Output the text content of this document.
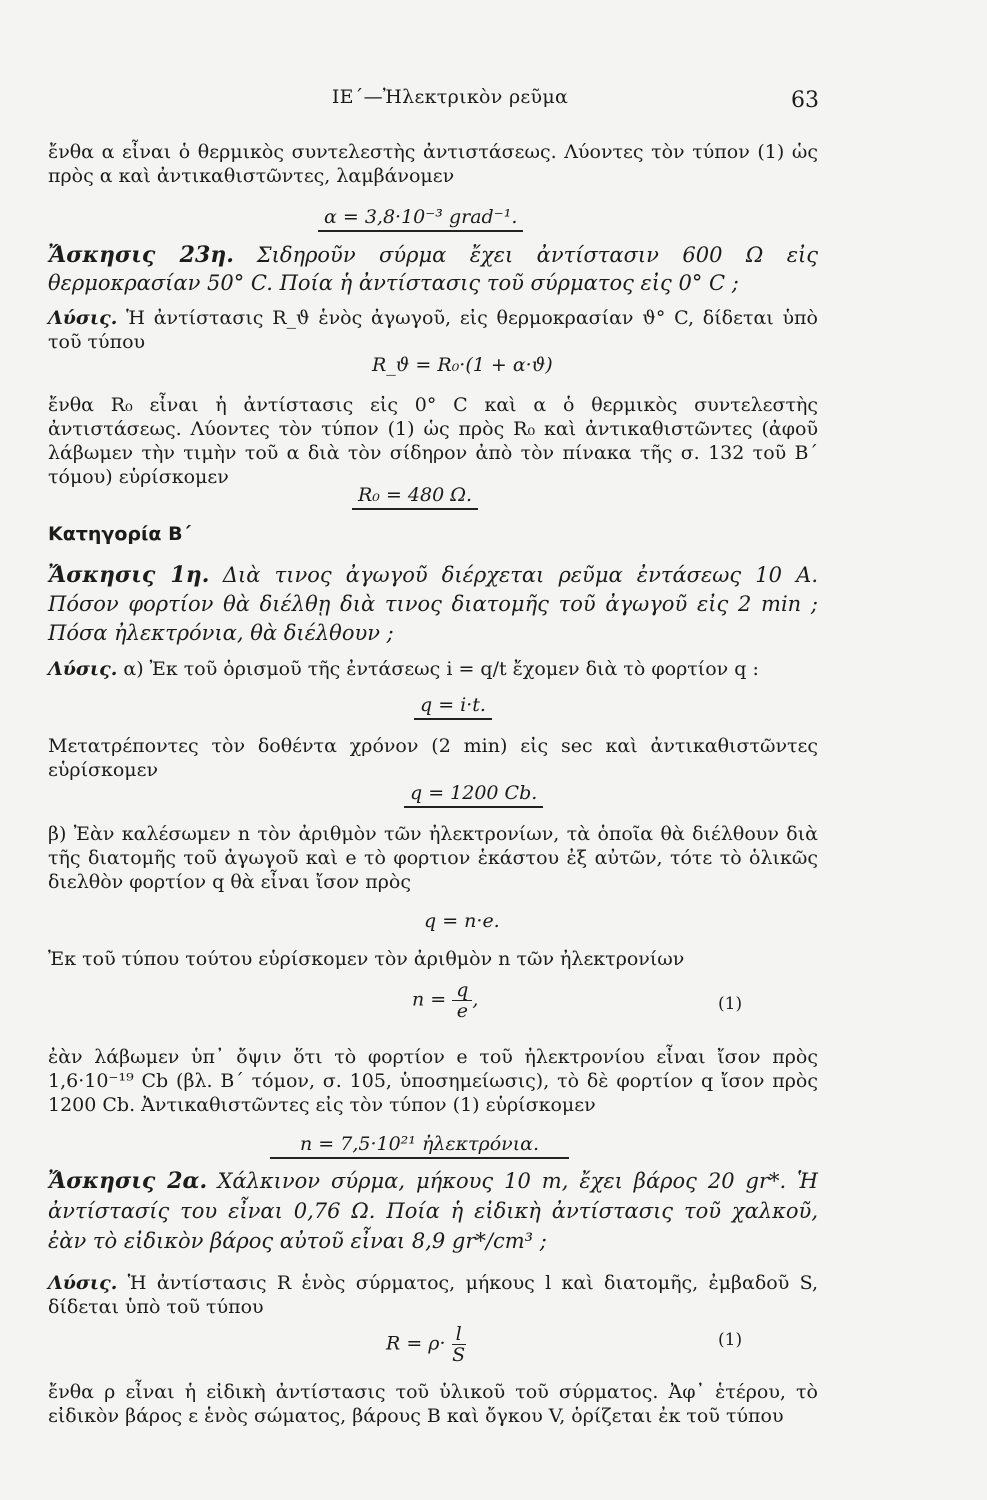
ΙΕ΄—Ἠλεκτρικὸν ρεῦμα	63
ἔνθα α εἶναι ὁ θερμικὸς συντελεστὴς ἀντιστάσεως. Λύοντες τὸν τύπον (1) ὡς πρὸς α καὶ ἀντικαθιστῶντες, λαμβάνομεν
α = 3,8·10⁻³ grad⁻¹.
Ἄσκησις 23η. Σιδηροῦν σύρμα ἔχει ἀντίστασιν 600 Ω εἰς θερμοκρασίαν 50° C. Ποία ἡ ἀντίστασις τοῦ σύρματος εἰς 0° C ;
Λύσις. Ἡ ἀντίστασις R_ϑ ἑνὸς ἀγωγοῦ, εἰς θερμοκρασίαν ϑ° C, δίδεται ὑπὸ τοῦ τύπου
R_ϑ = R₀·(1 + α·ϑ)
ἔνθα R₀ εἶναι ἡ ἀντίστασις εἰς 0° C καὶ α ὁ θερμικὸς συντελεστὴς ἀντιστάσεως. Λύοντες τὸν τύπον (1) ὡς πρὸς R₀ καὶ ἀντικαθιστῶντες (ἀφοῦ λάβωμεν τὴν τιμὴν τοῦ α διὰ τὸν σίδηρον ἀπὸ τὸν πίνακα τῆς σ. 132 τοῦ Β΄ τόμου) εὑρίσκομεν
R₀ = 480 Ω.
Κατηγορία Β΄
Ἄσκησις 1η. Διὰ τινος ἀγωγοῦ διέρχεται ρεῦμα ἐντάσεως 10 Α. Πόσον φορτίον θὰ διέλθῃ διὰ τινος διατομῆς τοῦ ἀγωγοῦ εἰς 2 min ; Πόσα ἠλεκτρόνια, θὰ διέλθουν ;
Λύσις. α) Ἐκ τοῦ ὁρισμοῦ τῆς ἐντάσεως i = q/t ἔχομεν διὰ τὸ φορτίον q :
q = i·t.
Μετατρέποντες τὸν δοθέντα χρόνον (2 min) εἰς sec καὶ ἀντικαθιστῶντες εὑρίσκομεν
q = 1200 Cb.
β) Ἐὰν καλέσωμεν n τὸν ἀριθμὸν τῶν ἠλεκτρονίων, τὰ ὁποῖα θὰ διέλθουν διὰ τῆς διατομῆς τοῦ ἀγωγοῦ καὶ e τὸ φορτιον ἑκάστου ἐξ αὐτῶν, τότε τὸ ὁλικῶς διελθὸν φορτίον q θὰ εἶναι ἴσον πρὸς
q = n·e.
Ἐκ τοῦ τύπου τούτου εὑρίσκομεν τὸν ἀριθμὸν n τῶν ἠλεκτρονίων
$n = \frac{q}{e}$ ,	(1)
ἐὰν λάβωμεν ὑπ᾽ ὄψιν ὅτι τὸ φορτίον e τοῦ ἠλεκτρονίου εἶναι ἴσον πρὸς 1,6·10⁻¹⁹ Cb (βλ. Β΄ τόμον, σ. 105, ὑποσημείωσις), τὸ δὲ φορτίον q ἴσον πρὸς 1200 Cb. Ἀντικαθιστῶντες εἰς τὸν τύπον (1) εὑρίσκομεν
n = 7,5·10²¹ ἠλεκτρόνια.
Ἄσκησις 2α. Χάλκινον σύρμα, μήκους 10 m, ἔχει βάρος 20 gr*. Ἡ ἀντίστασίς του εἶναι 0,76 Ω. Ποία ἡ εἰδικὴ ἀντίστασις τοῦ χαλκοῦ, ἐὰν τὸ εἰδικὸν βάρος αὐτοῦ εἶναι 8,9 gr*/cm³ ;
Λύσις. Ἡ ἀντίστασις R ἑνὸς σύρματος, μήκους l καὶ διατομῆς, ἐμβαδοῦ S, δίδεται ὑπὸ τοῦ τύπου
$R = \rho\cdot \frac{l}{S}$	(1)
ἔνθα ρ εἶναι ἡ εἰδικὴ ἀντίστασις τοῦ ὑλικοῦ τοῦ σύρματος. Ἀφ᾽ ἑτέρου, τὸ εἰδικὸν βάρος ε ἑνὸς σώματος, βάρους B καὶ ὄγκου V, ὁρίζεται ἐκ τοῦ τύπου
